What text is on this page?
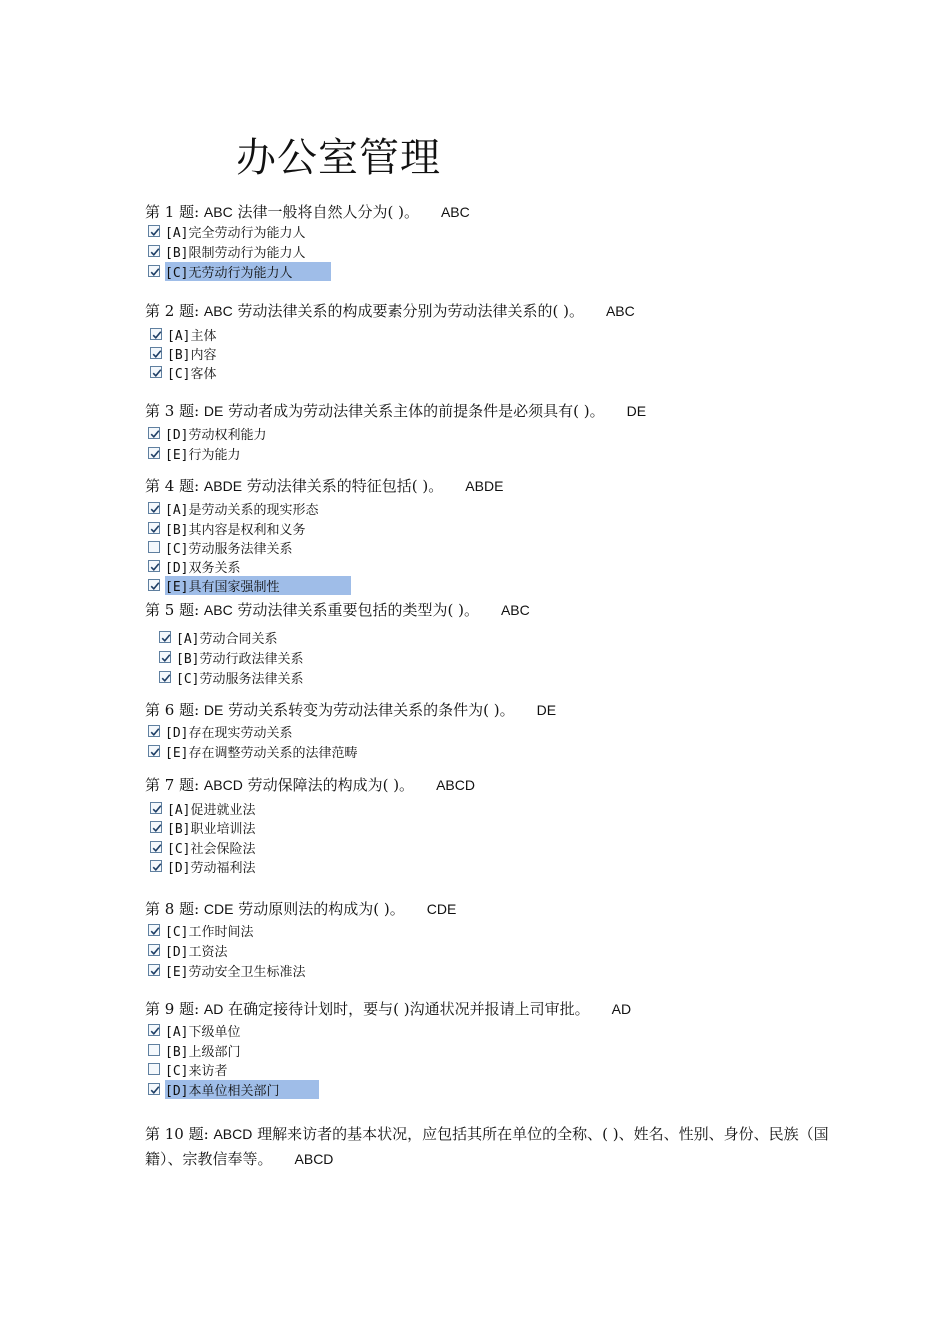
办公室管理
第 1 题: ABC 法律一般将自然人分为( )。 ABC
[A]完全劳动行为能力人
[B]限制劳动行为能力人
[C]无劳动行为能力人
第 2 题: ABC 劳动法律关系的构成要素分别为劳动法律关系的( )。 ABC
[A]主体
[B]内容
[C]客体
第 3 题: DE 劳动者成为劳动法律关系主体的前提条件是必须具有( )。 DE
[D]劳动权利能力
[E]行为能力
第 4 题: ABDE 劳动法律关系的特征包括( )。 ABDE
[A]是劳动关系的现实形态
[B]其内容是权利和义务
[C]劳动服务法律关系
[D]双务关系
[E]具有国家强制性
第 5 题: ABC 劳动法律关系重要包括的类型为( )。 ABC
[A]劳动合同关系
[B]劳动行政法律关系
[C]劳动服务法律关系
第 6 题: DE 劳动关系转变为劳动法律关系的条件为( )。 DE
[D]存在现实劳动关系
[E]存在调整劳动关系的法律范畴
第 7 题: ABCD 劳动保障法的构成为( )。 ABCD
[A]促进就业法
[B]职业培训法
[C]社会保险法
[D]劳动福利法
第 8 题: CDE 劳动原则法的构成为( )。 CDE
[C]工作时间法
[D]工资法
[E]劳动安全卫生标准法
第 9 题: AD 在确定接待计划时，要与( )沟通状况并报请上司审批。 AD
[A]下级单位
[B]上级部门
[C]来访者
[D]本单位相关部门
第 10 题: ABCD 理解来访者的基本状况，应包括其所在单位的全称、( )、姓名、性别、身份、民族（国籍）、宗教信奉等。 ABCD
